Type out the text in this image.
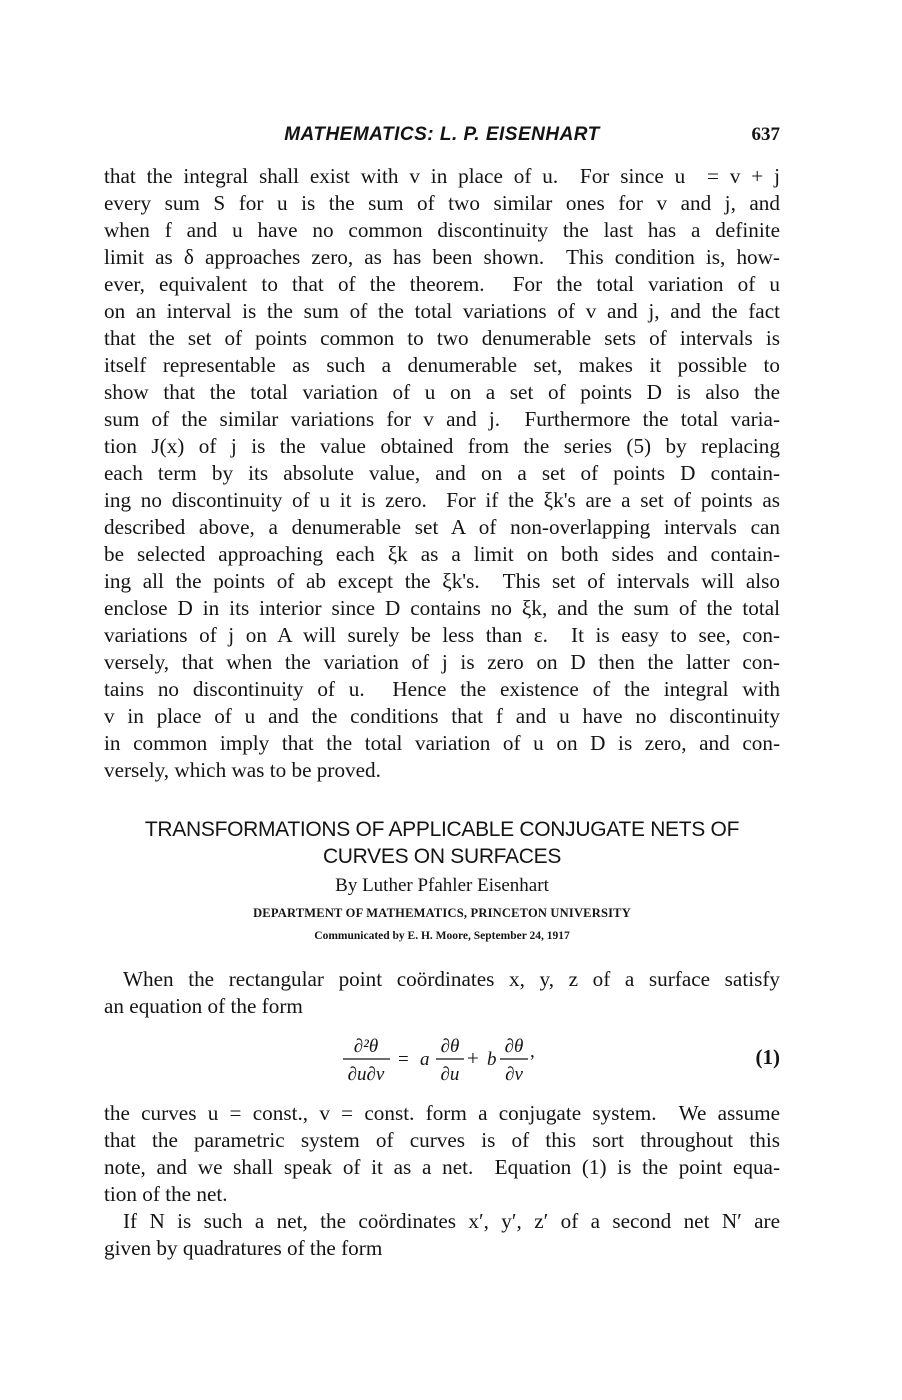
MATHEMATICS: L. P. EISENHART	637
that the integral shall exist with v in place of u.  For since u  = v + j
every sum S for u is the sum of two similar ones for v and j, and
when f and u have no common discontinuity the last has a definite
limit as δ approaches zero, as has been shown.  This condition is, how-
ever, equivalent to that of the theorem.  For the total variation of u
on an interval is the sum of the total variations of v and j, and the fact
that the set of points common to two denumerable sets of intervals is
itself representable as such a denumerable set, makes it possible to
show that the total variation of u on a set of points D is also the
sum of the similar variations for v and j.  Furthermore the total varia-
tion J(x) of j is the value obtained from the series (5) by replacing
each term by its absolute value, and on a set of points D contain-
ing no discontinuity of u it is zero.  For if the ξk's are a set of points as
described above, a denumerable set A of non-overlapping intervals can
be selected approaching each ξk as a limit on both sides and contain-
ing all the points of ab except the ξk's.  This set of intervals will also
enclose D in its interior since D contains no ξk, and the sum of the total
variations of j on A will surely be less than ε.  It is easy to see, con-
versely, that when the variation of j is zero on D then the latter con-
tains no discontinuity of u.  Hence the existence of the integral with
v in place of u and the conditions that f and u have no discontinuity
in common imply that the total variation of u on D is zero, and con-
versely, which was to be proved.
TRANSFORMATIONS OF APPLICABLE CONJUGATE NETS OF
CURVES ON SURFACES
By Luther Pfahler Eisenhart
DEPARTMENT OF MATHEMATICS, PRINCETON UNIVERSITY
Communicated by E. H. Moore, September 24, 1917
When the rectangular point coördinates x, y, z of a surface satisfy
an equation of the form
∂²θ
∂u∂v
= a
∂θ
∂u
+ b
∂θ
∂v
,	(1)
the curves u = const., v = const. form a conjugate system.  We assume
that the parametric system of curves is of this sort throughout this
note, and we shall speak of it as a net.  Equation (1) is the point equa-
tion of the net.
If N is such a net, the coördinates x′, y′, z′ of a second net N′ are
given by quadratures of the form
